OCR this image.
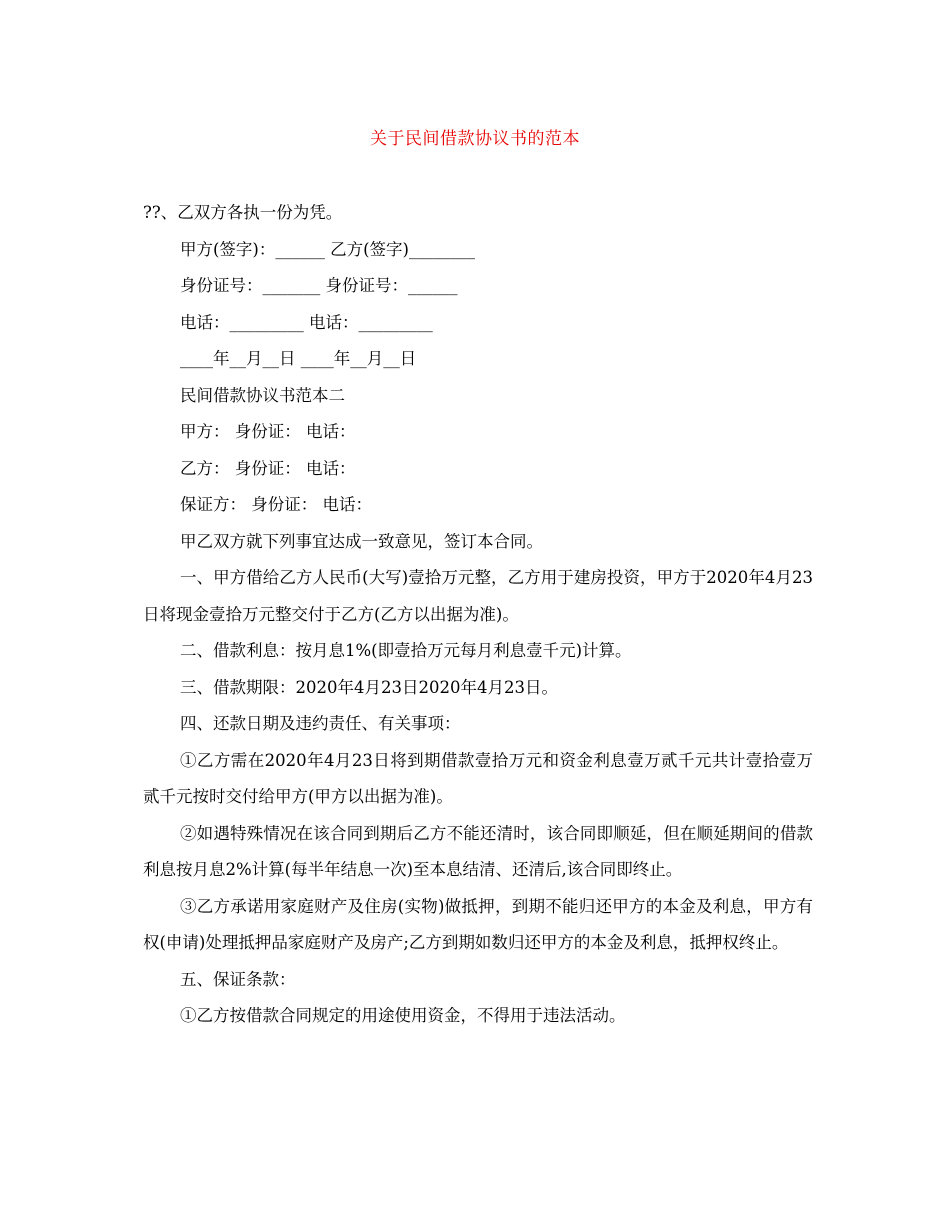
关于民间借款协议书的范本

??、乙双方各执一份为凭。

甲方(签字)：______ 乙方(签字)________

身份证号：_______ 身份证号：______

电话：_________ 电话：_________

____年__月__日 ____年__月__日

民间借款协议书范本二

甲方： 身份证： 电话：

乙方： 身份证： 电话：

保证方： 身份证： 电话：

甲乙双方就下列事宜达成一致意见，签订本合同。

一、甲方借给乙方人民币(大写)壹拾万元整，乙方用于建房投资，甲方于2020年4月23日将现金壹拾万元整交付于乙方(乙方以出据为准)。

二、借款利息：按月息1%(即壹拾万元每月利息壹千元)计算。

三、借款期限：2020年4月23日2020年4月23日。

四、还款日期及违约责任、有关事项：

①乙方需在2020年4月23日将到期借款壹拾万元和资金利息壹万贰千元共计壹拾壹万贰千元按时交付给甲方(甲方以出据为准)。

②如遇特殊情况在该合同到期后乙方不能还清时，该合同即顺延，但在顺延期间的借款利息按月息2%计算(每半年结息一次)至本息结清、还清后,该合同即终止。

③乙方承诺用家庭财产及住房(实物)做抵押，到期不能归还甲方的本金及利息，甲方有权(申请)处理抵押品家庭财产及房产;乙方到期如数归还甲方的本金及利息，抵押权终止。

五、保证条款：

①乙方按借款合同规定的用途使用资金，不得用于违法活动。
